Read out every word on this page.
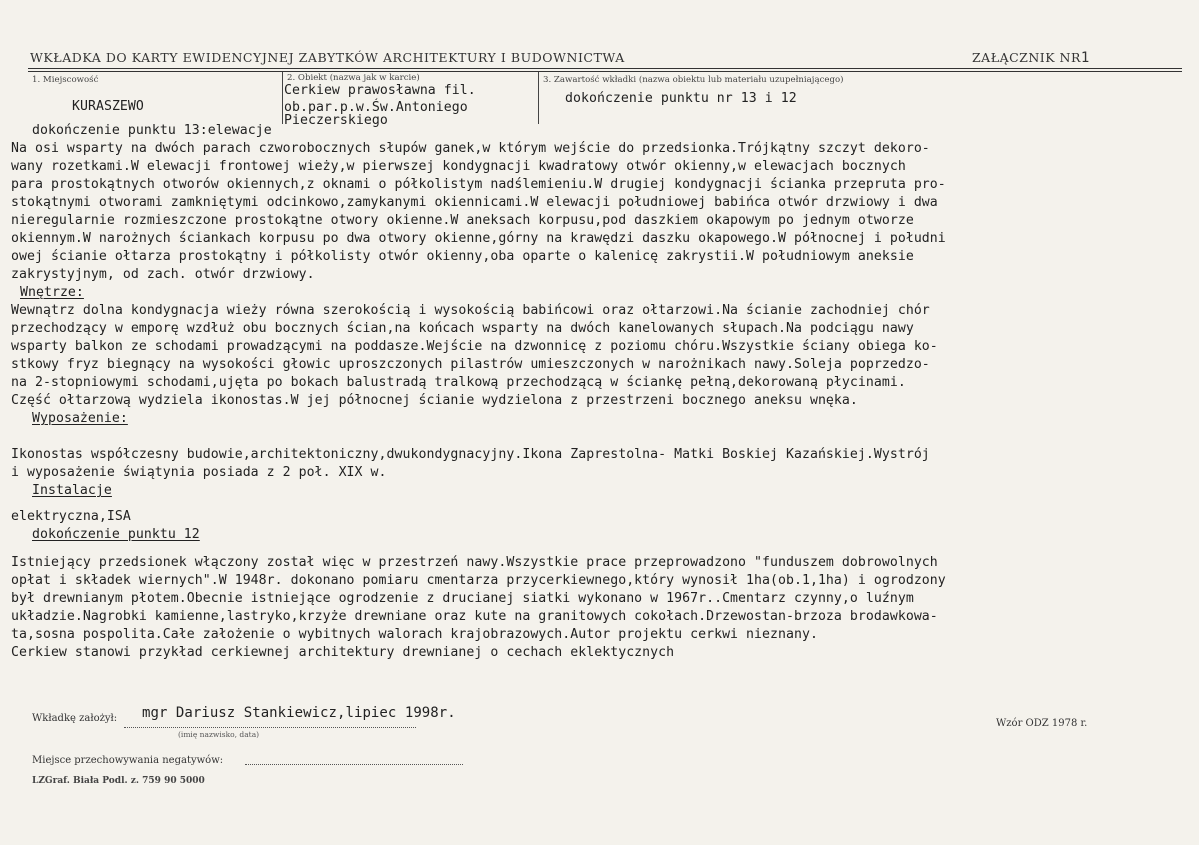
WKŁADKA DO KARTY EWIDENCYJNEJ ZABYTKÓW ARCHITEKTURY I BUDOWNICTWA	ZAŁĄCZNIK NR1
1. Miejscowość
KURASZEWO
2. Obiekt (nazwa jak w karcie)
Cerkiew prawosławna fil.
ob.par.p.w.Św.Antoniego
Pieczerskiego
3. Zawartość wkładki (nazwa obiektu lub materiału uzupełniającego)
dokończenie punktu nr 13 i 12
dokończenie punktu 13:elewacje
Na osi wsparty na dwóch parach czworobocznych słupów ganek,w którym wejście do przedsionka.Trójkątny szczyt dekoro-
wany rozetkami.W elewacji frontowej wieży,w pierwszej kondygnacji kwadratowy otwór okienny,w elewacjach bocznych
para prostokątnych otworów okiennych,z oknami o półkolistym nadślemieniu.W drugiej kondygnacji ścianka przepruta pro-
stokątnymi otworami zamkniętymi odcinkowo,zamykanymi okiennicami.W elewacji południowej babińca otwór drzwiowy i dwa
nieregularnie rozmieszczone prostokątne otwory okienne.W aneksach korpusu,pod daszkiem okapowym po jednym otworze
okiennym.W narożnych ściankach korpusu po dwa otwory okienne,górny na krawędzi daszku okapowego.W północnej i południ
owej ścianie ołtarza prostokątny i półkolisty otwór okienny,oba oparte o kalenicę zakrystii.W południowym aneksie
zakrystyjnym, od zach. otwór drzwiowy.
Wnętrze:
Wewnątrz dolna kondygnacja wieży równa szerokością i wysokością babińcowi oraz ołtarzowi.Na ścianie zachodniej chór
przechodzący w emporę wzdłuż obu bocznych ścian,na końcach wsparty na dwóch kanelowanych słupach.Na podciągu nawy
wsparty balkon ze schodami prowadzącymi na poddasze.Wejście na dzwonnicę z poziomu chóru.Wszystkie ściany obiega ko-
stkowy fryz biegnący na wysokości głowic uproszczonych pilastrów umieszczonych w narożnikach nawy.Soleja poprzedzo-
na 2-stopniowymi schodami,ujęta po bokach balustradą tralkową przechodzącą w ściankę pełną,dekorowaną płycinami.
Część ołtarzową wydziela ikonostas.W jej północnej ścianie wydzielona z przestrzeni bocznego aneksu wnęka.
Wyposażenie:
Ikonostas współczesny budowie,architektoniczny,dwukondygnacyjny.Ikona Zaprestolna- Matki Boskiej Kazańskiej.Wystrój
i wyposażenie świątynia posiada z 2 poł. XIX w.
Instalacje
elektryczna,ISA
dokończenie punktu 12
Istniejący przedsionek włączony został więc w przestrzeń nawy.Wszystkie prace przeprowadzono "funduszem dobrowolnych
opłat i składek wiernych".W 1948r. dokonano pomiaru cmentarza przycerkiewnego,który wynosił 1ha(ob.1,1ha) i ogrodzony
był drewnianym płotem.Obecnie istniejące ogrodzenie z drucianej siatki wykonano w 1967r..Cmentarz czynny,o luźnym
układzie.Nagrobki kamienne,lastryko,krzyże drewniane oraz kute na granitowych cokołach.Drzewostan-brzoza brodawkowa-
ta,sosna pospolita.Całe założenie o wybitnych walorach krajobrazowych.Autor projektu cerkwi nieznany.
Cerkiew stanowi przykład cerkiewnej architektury drewnianej o cechach eklektycznych
Wkładkę założył: mgr Dariusz Stankiewicz,lipiec 1998r.
(imię nazwisko, data)
Wzór ODZ 1978 r.
Miejsce przechowywania negatywów:
LZGraf. Biała Podl. z. 759 90 5000
